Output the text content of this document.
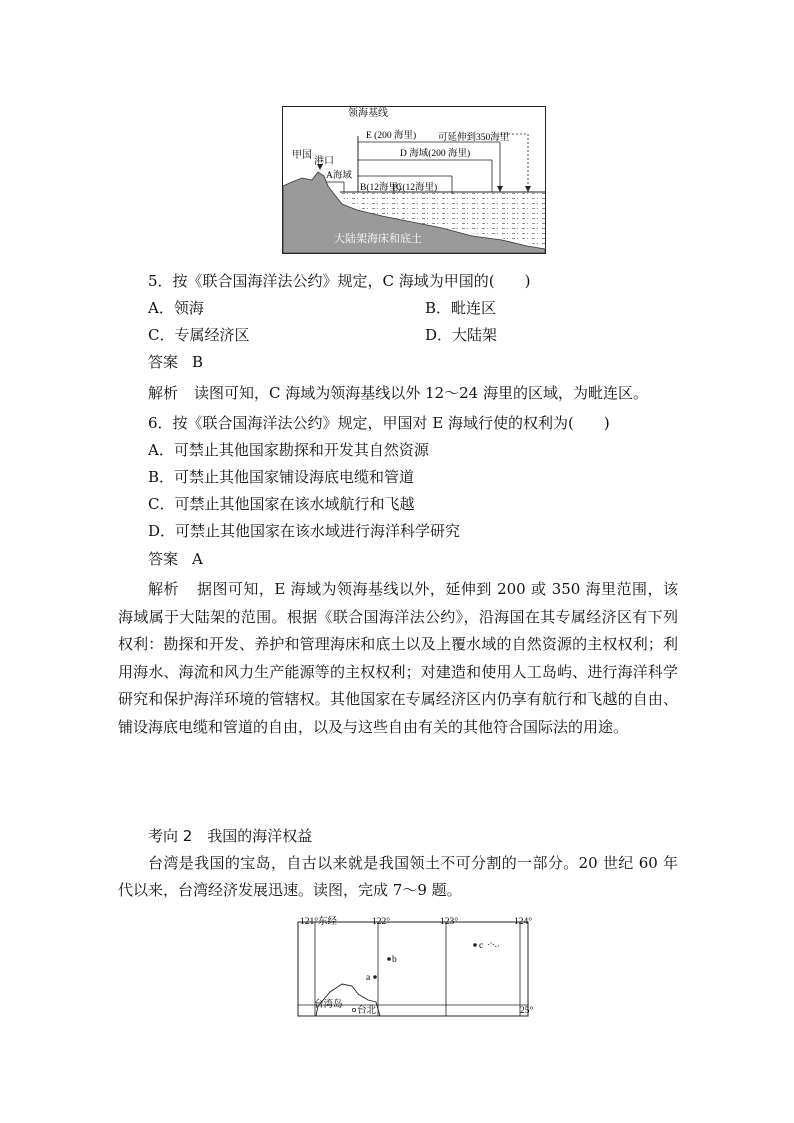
领海基线
E (200 海里) 可延伸到350海里
D 海域(200 海里)
甲国
港口
A海域
B(12海里)
C(12海里)
大陆架海床和底土
5．按《联合国海洋法公约》规定，C 海域为甲国的(　　)
A．领海	B．毗连区
C．专属经济区	D．大陆架
答案 B
解析 读图可知，C 海域为领海基线以外 12～24 海里的区域，为毗连区。
6．按《联合国海洋法公约》规定，甲国对 E 海域行使的权利为(　　)
A．可禁止其他国家勘探和开发其自然资源
B．可禁止其他国家铺设海底电缆和管道
C．可禁止其他国家在该水域航行和飞越
D．可禁止其他国家在该水域进行海洋科学研究
答案 A
解析 据图可知，E 海域为领海基线以外，延伸到 200 或 350 海里范围，该海域属于大陆架的范围。根据《联合国海洋法公约》，沿海国在其专属经济区有下列权利：勘探和开发、养护和管理海床和底土以及上覆水域的自然资源的主权权利；利用海水、海流和风力生产能源等的主权权利；对建造和使用人工岛屿、进行海洋科学研究和保护海洋环境的管辖权。其他国家在专属经济区内仍享有航行和飞越的自由、铺设海底电缆和管道的自由，以及与这些自由有关的其他符合国际法的用途。
考向 2　我国的海洋权益
台湾是我国的宝岛，自古以来就是我国领土不可分割的一部分。20 世纪 60 年代以来，台湾经济发展迅速。读图，完成 7～9 题。
121°东经	122°	123°	124°
25°
a
b
c
台湾岛
台北
